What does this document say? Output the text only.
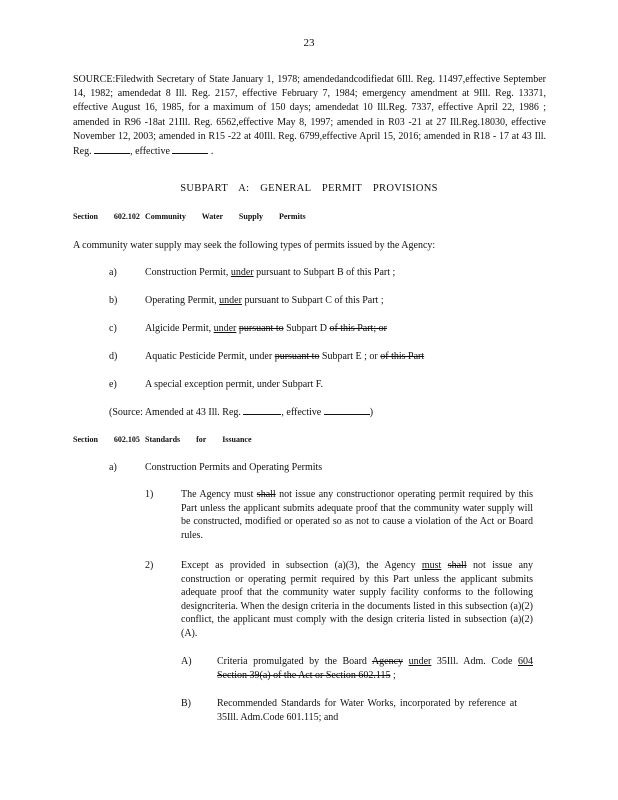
23
SOURCE:Filedwith Secretary of State January 1, 1978; amendedandcodifiedat 6Ill. Reg. 11497,effective September 14, 1982; amendedat 8 Ill. Reg. 2157, effective February 7, 1984; emergency amendment at 9Ill. Reg. 13371, effective August 16, 1985, for a maximum of 150 days; amendedat 10 Ill.Reg. 7337, effective April 22, 1986 ; amended in R96 -18at 21Ill. Reg. 6562,effective May 8, 1997; amended in R03 -21 at 27 Ill.Reg.18030, effective November 12, 2003; amended in R15 -22 at 40Ill. Reg. 6799,effective April 15, 2016; amended in R18 - 17 at 43 Ill. Reg.	, effective	.
SUBPART A: GENERAL PERMIT PROVISIONS
Section 602.102 Community Water Supply Permits
A community water supply may seek the following types of permits issued by the Agency:
a)	Construction Permit, under pursuant to Subpart B of this Part ;
b)	Operating Permit, under pursuant to Subpart C of this Part ;
c)	Algicide Permit, under pursuant to Subpart D of this Part; or
d)	Aquatic Pesticide Permit, under pursuant to Subpart E ; or of this Part
e)	A special exception permit, under Subpart F.
(Source: Amended at 43 Ill. Reg.	, effective	)
Section 602.105 Standards for Issuance
a)	Construction Permits and Operating Permits
1)	The Agency must shall not issue any constructionor operating permit required by this Part unless the applicant submits adequate proof that the community water supply will be constructed, modified or operated so as not to cause a violation of the Act or Board rules.
2)	Except as provided in subsection (a)(3), the Agency must shall not issue any construction or operating permit required by this Part unless the applicant submits adequate proof that the community water supply facility conforms to the following designcriteria. When the design criteria in the documents listed in this subsection (a)(2) conflict, the applicant must comply with the design criteria listed in subsection (a)(2)(A).
A)	Criteria promulgated by the Board Agency under 35Ill. Adm. Code 604 Section 39(a) of the Act or Section 602.115 ;
B)	Recommended Standards for Water Works, incorporated by reference at 35Ill. Adm.Code 601.115; and
